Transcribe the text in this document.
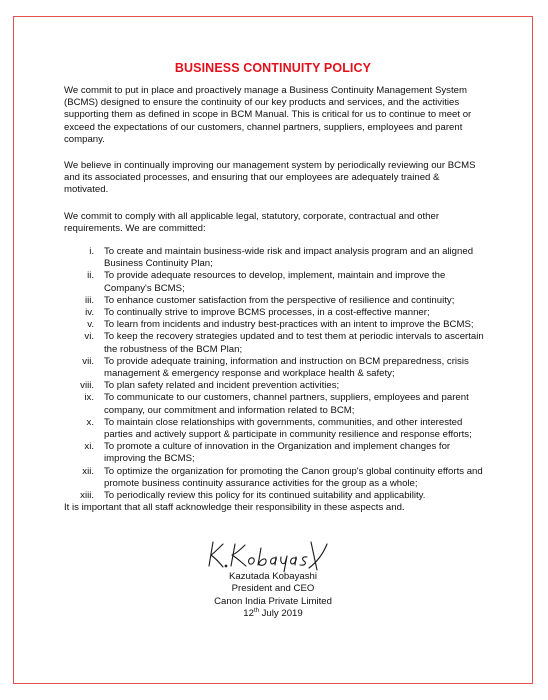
BUSINESS CONTINUITY POLICY

We commit to put in place and proactively manage a Business Continuity Management System (BCMS) designed to ensure the continuity of our key products and services, and the activities supporting them as defined in scope in BCM Manual. This is critical for us to continue to meet or exceed the expectations of our customers, channel partners, suppliers, employees and parent company.

We believe in continually improving our management system by periodically reviewing our BCMS and its associated processes, and ensuring that our employees are adequately trained & motivated.

We commit to comply with all applicable legal, statutory, corporate, contractual and other requirements. We are committed:

i.	To create and maintain business-wide risk and impact analysis program and an aligned Business Continuity Plan;
ii.	To provide adequate resources to develop, implement, maintain and improve the Company's BCMS;
iii.	To enhance customer satisfaction from the perspective of resilience and continuity;
iv.	To continually strive to improve BCMS processes, in a cost-effective manner;
v.	To learn from incidents and industry best-practices with an intent to improve the BCMS;
vi.	To keep the recovery strategies updated and to test them at periodic intervals to ascertain the robustness of the BCM Plan;
vii.	To provide adequate training, information and instruction on BCM preparedness, crisis management & emergency response and workplace health & safety;
viii.	To plan safety related and incident prevention activities;
ix.	To communicate to our customers, channel partners, suppliers, employees and parent company, our commitment and information related to BCM;
x.	To maintain close relationships with governments, communities, and other interested parties and actively support & participate in community resilience and response efforts;
xi.	To promote a culture of innovation in the Organization and implement changes for improving the BCMS;
xii.	To optimize the organization for promoting the Canon group's global continuity efforts and promote business continuity assurance activities for the group as a whole;
xiii.	To periodically review this policy for its continued suitability and applicability.

It is important that all staff acknowledge their responsibility in these aspects and.

Kazutada Kobayashi
President and CEO
Canon India Private Limited
12th July 2019
